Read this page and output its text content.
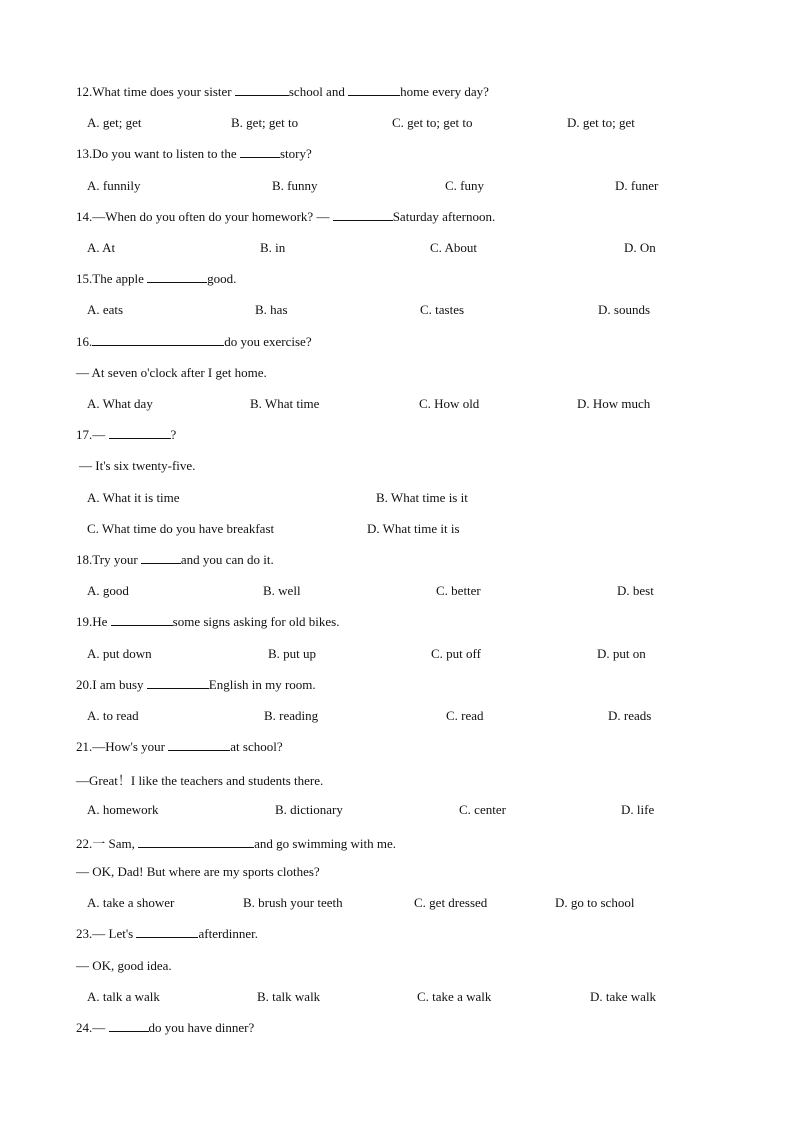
12.What time does your sister	school and	home every day?
A. get; get	B. get; get to	C. get to; get to	D. get to; get
13.Do you want to listen to the	story?
A. funnily	B. funny	C. funy	D. funer
14.—When do you often do your homework? —	Saturday afternoon.
A. At	B. in	C. About	D. On
15.The apple	good.
A. eats	B. has	C. tastes	D. sounds
16.	do you exercise?
— At seven o'clock after I get home.
A. What day	B. What time	C. How old	D. How much
17.—	?
— It's six twenty-five.
A. What it is time	B. What time is it
C. What time do you have breakfast	D. What time it is
18.Try your	and you can do it.
A. good	B. well	C. better	D. best
19.He	some signs asking for old bikes.
A. put down	B. put up	C. put off	D. put on
20.I am busy	English in my room.
A. to read	B. reading	C. read	D. reads
21.—How's your	at school?
—Great！I like the teachers and students there.
A. homework	B. dictionary	C. center	D. life
22.一 Sam,	and go swimming with me.
— OK, Dad! But where are my sports clothes?
A. take a shower	B. brush your teeth	C. get dressed	D. go to school
23.— Let's	afterdinner.
— OK, good idea.
A. talk a walk	B. talk walk	C. take a walk	D. take walk
24.—	do you have dinner?
